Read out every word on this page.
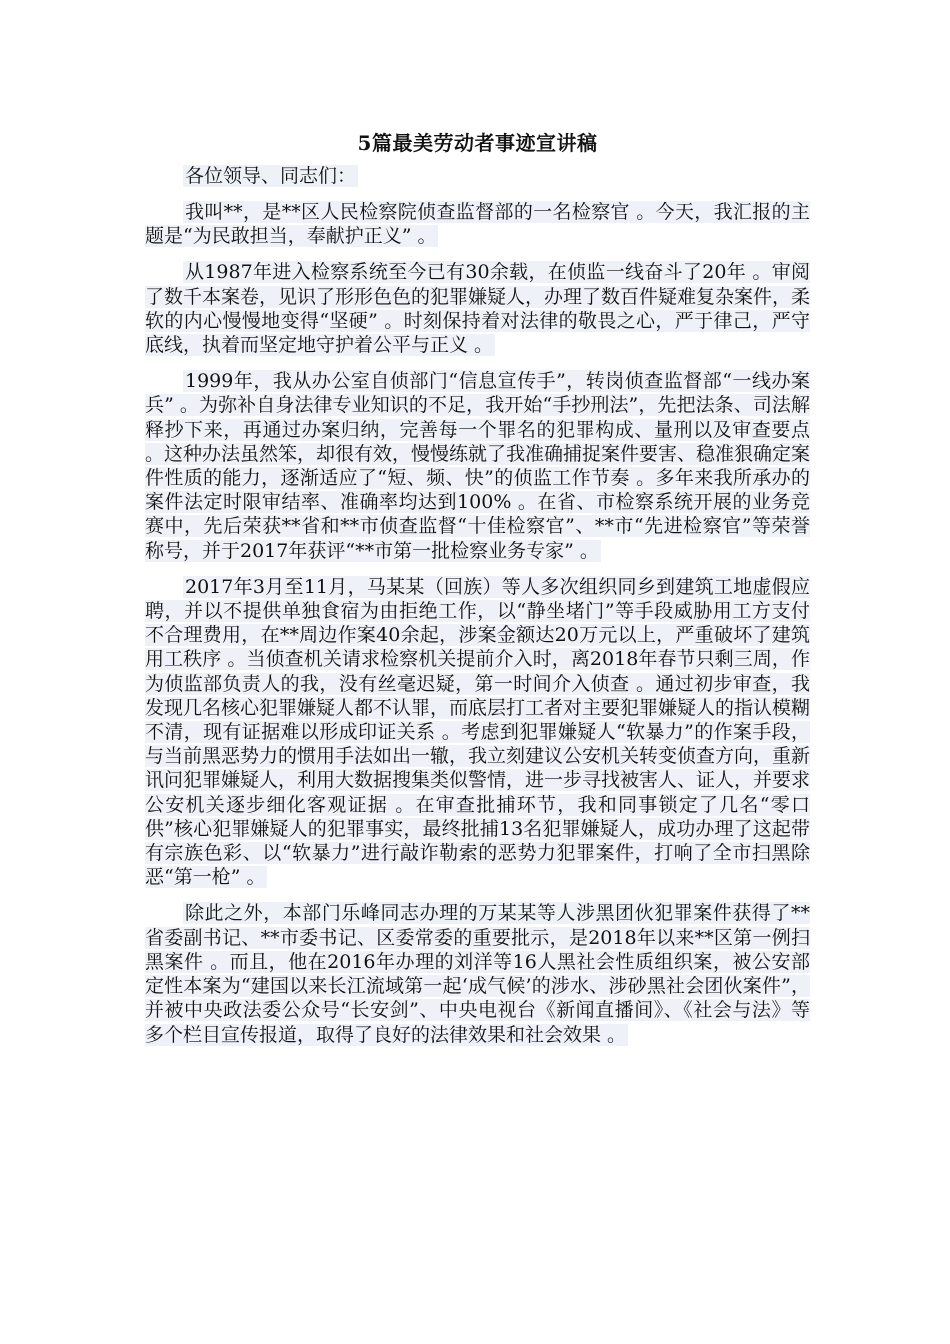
5篇最美劳动者事迹宣讲稿
各位领导、同志们：
我叫**，是**区人民检察院侦查监督部的一名检察官 。今天，我汇报的主题是“为民敢担当，奉献护正义” 。
从1987年进入检察系统至今已有30余载，在侦监一线奋斗了20年 。审阅了数千本案卷，见识了形形色色的犯罪嫌疑人，办理了数百件疑难复杂案件，柔软的内心慢慢地变得“坚硬” 。时刻保持着对法律的敬畏之心，严于律己，严守底线，执着而坚定地守护着公平与正义 。
1999年，我从办公室自侦部门“信息宣传手”，转岗侦查监督部“一线办案兵” 。为弥补自身法律专业知识的不足，我开始“手抄刑法”，先把法条、司法解释抄下来，再通过办案归纳，完善每一个罪名的犯罪构成、量刑以及审查要点 。这种办法虽然笨，却很有效，慢慢练就了我准确捕捉案件要害、稳准狠确定案件性质的能力，逐渐适应了“短、频、快”的侦监工作节奏 。多年来我所承办的案件法定时限审结率、准确率均达到100% 。在省、市检察系统开展的业务竞赛中，先后荣获**省和**市侦查监督“十佳检察官”、**市“先进检察官”等荣誉称号，并于2017年获评“**市第一批检察业务专家” 。
2017年3月至11月，马某某（回族）等人多次组织同乡到建筑工地虚假应聘，并以不提供单独食宿为由拒绝工作，以“静坐堵门”等手段威胁用工方支付不合理费用，在**周边作案40余起，涉案金额达20万元以上，严重破坏了建筑用工秩序 。当侦查机关请求检察机关提前介入时，离2018年春节只剩三周，作为侦监部负责人的我，没有丝毫迟疑，第一时间介入侦查 。通过初步审查，我发现几名核心犯罪嫌疑人都不认罪，而底层打工者对主要犯罪嫌疑人的指认模糊不清，现有证据难以形成印证关系 。考虑到犯罪嫌疑人“软暴力”的作案手段，与当前黑恶势力的惯用手法如出一辙，我立刻建议公安机关转变侦查方向，重新讯问犯罪嫌疑人，利用大数据搜集类似警情，进一步寻找被害人、证人，并要求公安机关逐步细化客观证据 。在审查批捕环节，我和同事锁定了几名“零口供”核心犯罪嫌疑人的犯罪事实，最终批捕13名犯罪嫌疑人，成功办理了这起带有宗族色彩、以“软暴力”进行敲诈勒索的恶势力犯罪案件，打响了全市扫黑除恶“第一枪” 。
除此之外，本部门乐峰同志办理的万某某等人涉黑团伙犯罪案件获得了**省委副书记、**市委书记、区委常委的重要批示，是2018年以来**区第一例扫黑案件 。而且，他在2016年办理的刘洋等16人黑社会性质组织案，被公安部定性本案为“建国以来长江流域第一起‘成气候’的涉水、涉砂黑社会团伙案件”，并被中央政法委公众号“长安剑”、中央电视台《新闻直播间》、《社会与法》等多个栏目宣传报道，取得了良好的法律效果和社会效果 。
